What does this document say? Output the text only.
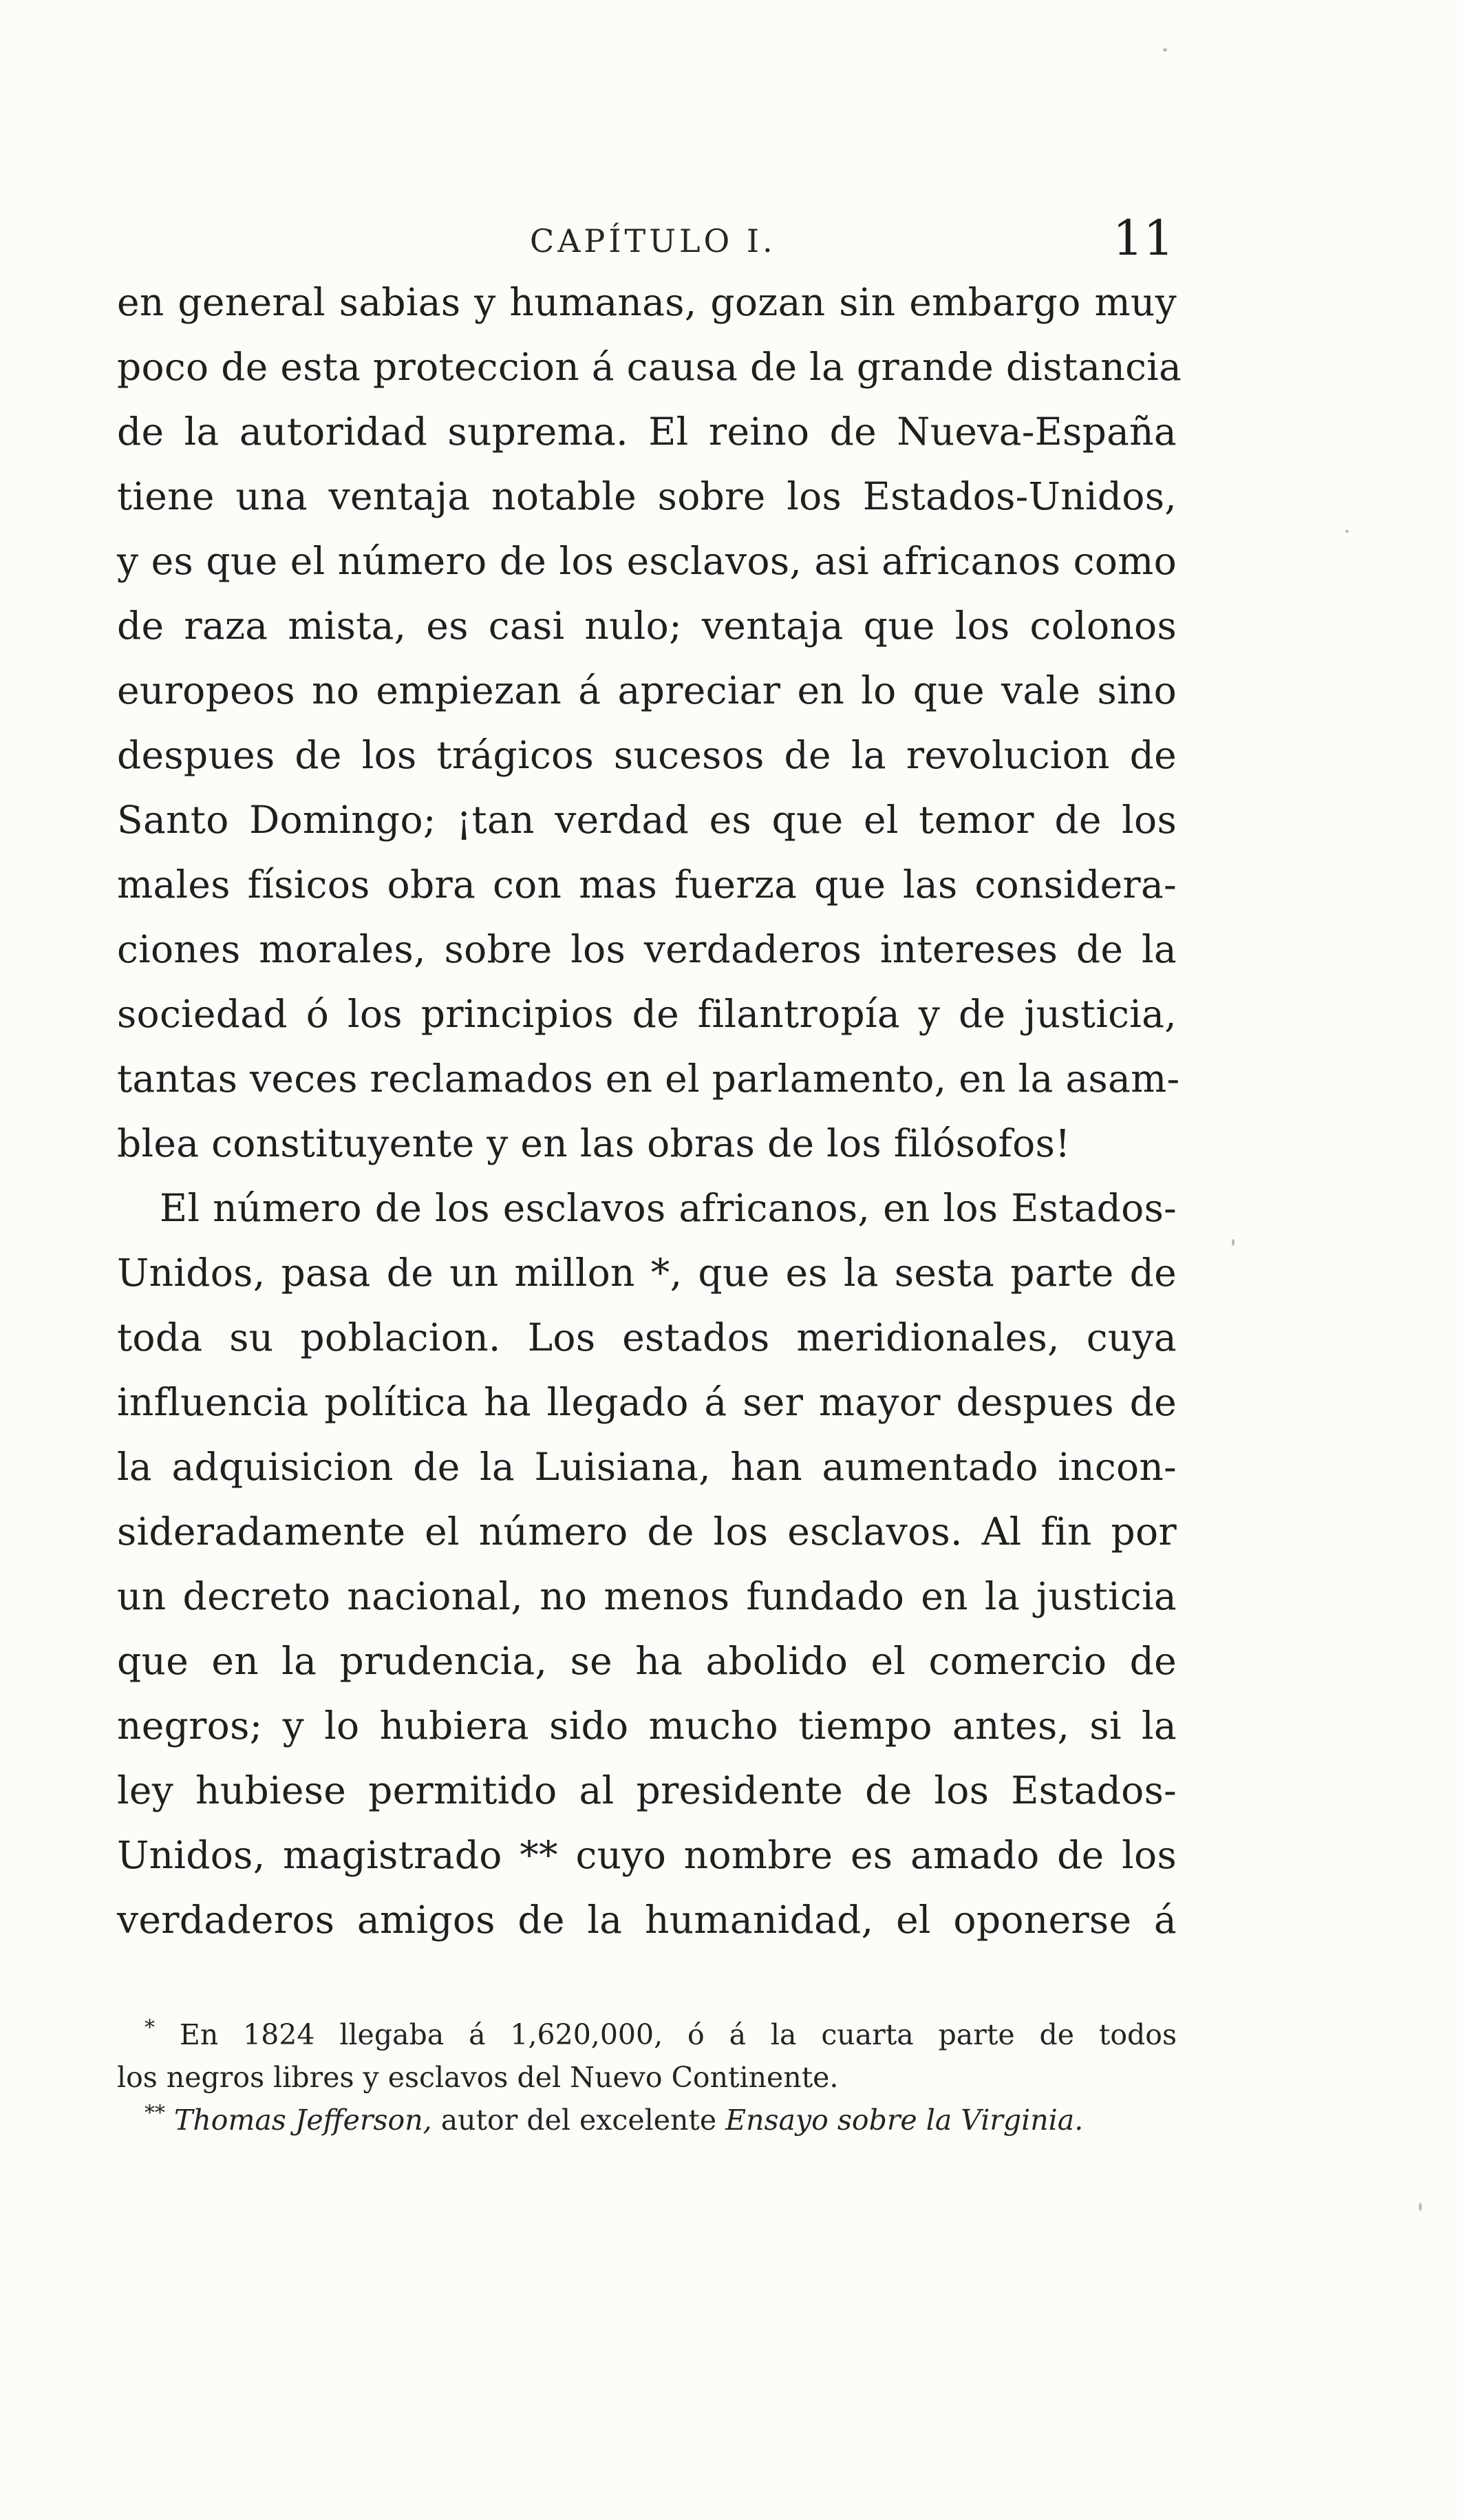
CAPÍTULO I.	11
en general sabias y humanas, gozan sin embargo muy
poco de esta proteccion á causa de la grande distancia
de la autoridad suprema. El reino de Nueva-España
tiene una ventaja notable sobre los Estados-Unidos,
y es que el número de los esclavos, asi africanos como
de raza mista, es casi nulo; ventaja que los colonos
europeos no empiezan á apreciar en lo que vale sino
despues de los trágicos sucesos de la revolucion de
Santo Domingo; ¡tan verdad es que el temor de los
males físicos obra con mas fuerza que las considera-
ciones morales, sobre los verdaderos intereses de la
sociedad ó los principios de filantropía y de justicia,
tantas veces reclamados en el parlamento, en la asam-
blea constituyente y en las obras de los filósofos!
El número de los esclavos africanos, en los Estados-
Unidos, pasa de un millon *, que es la sesta parte de
toda su poblacion. Los estados meridionales, cuya
influencia política ha llegado á ser mayor despues de
la adquisicion de la Luisiana, han aumentado incon-
sideradamente el número de los esclavos. Al fin por
un decreto nacional, no menos fundado en la justicia
que en la prudencia, se ha abolido el comercio de
negros; y lo hubiera sido mucho tiempo antes, si la
ley hubiese permitido al presidente de los Estados-
Unidos, magistrado ** cuyo nombre es amado de los
verdaderos amigos de la humanidad, el oponerse á
* En 1824 llegaba á 1,620,000, ó á la cuarta parte de todos
los negros libres y esclavos del Nuevo Continente.
** Thomas Jefferson, autor del excelente Ensayo sobre la Virginia.
